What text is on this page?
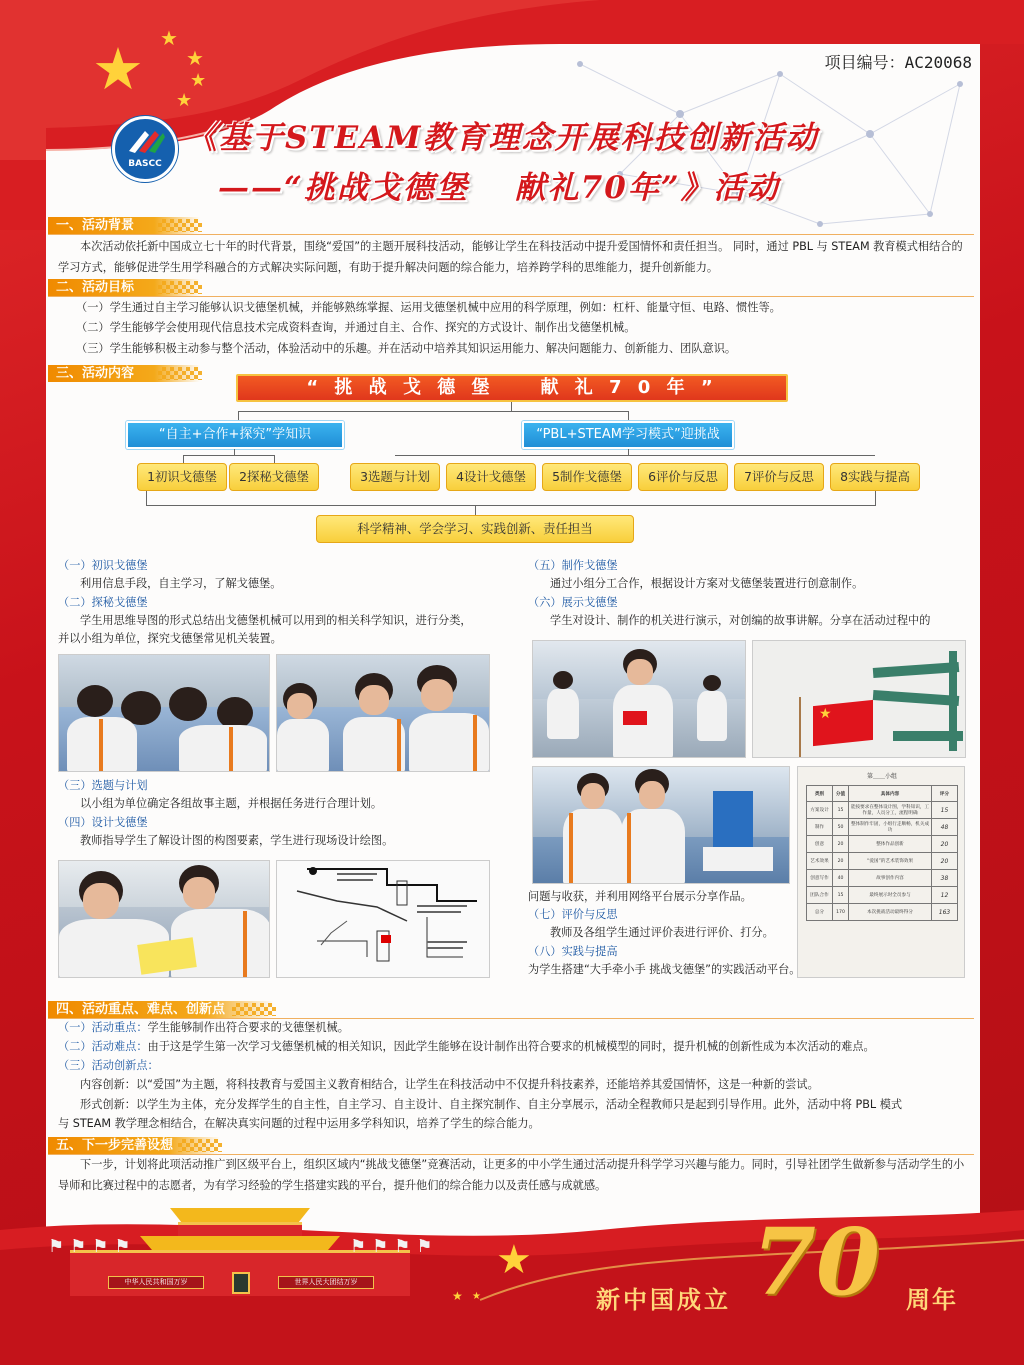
★ ★
★
★
★
项目编号：AC20068
BASCC
《基于STEAM教育理念开展科技创新活动
——“挑战戈德堡　 献礼70年”》活动
一、活动背景
本次活动依托新中国成立七十年的时代背景，围绕“爱国”的主题开展科技活动，能够让学生在科技活动中提升爱国情怀和责任担当。 同时，通过 PBL 与 STEAM 教育模式相结合的学习方式，能够促进学生用学科融合的方式解决实际问题，有助于提升解决问题的综合能力，培养跨学科的思维能力，提升创新能力。
二、活动目标
（一）学生通过自主学习能够认识戈德堡机械，并能够熟练掌握、运用戈德堡机械中应用的科学原理，例如：杠杆、能量守恒、电路、惯性等。
（二）学生能够学会使用现代信息技术完成资料查询，并通过自主、合作、探究的方式设计、制作出戈德堡机械。
（三）学生能够积极主动参与整个活动，体验活动中的乐趣。并在活动中培养其知识运用能力、解决问题能力、创新能力、团队意识。
三、活动内容
“ 挑 战 戈 德 堡　　献 礼 7 0 年 ”
“自主+合作+探究”学知识	“PBL+STEAM学习模式”迎挑战
1初识戈德堡	2探秘戈德堡	3选题与计划	4设计戈德堡	5制作戈德堡	6评价与反思	7评价与反思	8实践与提高
科学精神、学会学习、实践创新、责任担当
（一）初识戈德堡
利用信息手段，自主学习，了解戈德堡。
（二）探秘戈德堡
学生用思维导图的形式总结出戈德堡机械可以用到的相关科学知识，进行分类，
并以小组为单位，探究戈德堡常见机关装置。
（三）选题与计划
以小组为单位确定各组故事主题，并根据任务进行合理计划。
（四）设计戈德堡
教师指导学生了解设计图的构图要素，学生进行现场设计绘图。
（五）制作戈德堡
通过小组分工合作，根据设计方案对戈德堡装置进行创意制作。
（六）展示戈德堡
学生对设计、制作的机关进行演示，对创编的故事讲解。分享在活动过程中的
★
第＿＿小组
类别	分值	具体内容	评分
方案设计	15	能按要求在整体设计图，学科知识，工作量，人员分工，流程明确	15
制作	50	整体制作牢固，小组行走顺畅，机关成功	48
创意	20	整体作品创新	20
艺术效果	20	“爱国”的艺术装饰效果	20
创意写作	40	故事创作内容	38
团队合作	15	最终展示时全员参与	12
总分	170	本次挑战活动最终得分	163
问题与收获，并利用网络平台展示分享作品。
（七）评价与反思
教师及各组学生通过评价表进行评价、打分。
（八）实践与提高
为学生搭建“大手牵小手 挑战戈德堡”的实践活动平台。
四、活动重点、难点、创新点
（一）活动重点：学生能够制作出符合要求的戈德堡机械。
（二）活动难点：由于这是学生第一次学习戈德堡机械的相关知识，因此学生能够在设计制作出符合要求的机械模型的同时，提升机械的创新性成为本次活动的难点。
（三）活动创新点：
内容创新：以“爱国”为主题，将科技教育与爱国主义教育相结合，让学生在科技活动中不仅提升科技素养，还能培养其爱国情怀，这是一种新的尝试。
形式创新：以学生为主体，充分发挥学生的自主性，自主学习、自主设计、自主探究制作、自主分享展示，活动全程教师只是起到引导作用。此外，活动中将 PBL 模式
与 STEAM 教学理念相结合，在解决真实问题的过程中运用多学科知识，培养了学生的综合能力。
五、下一步完善设想
下一步，计划将此项活动推广到区级平台上，组织区域内“挑战戈德堡”竞赛活动，让更多的中小学生通过活动提升科学学习兴趣与能力。同时，引导社团学生做新参与活动学生的小导师和比赛过程中的志愿者，为有学习经验的学生搭建实践的平台，提升他们的综合能力以及责任感与成就感。
中华人民共和国万岁	世界人民大团结万岁
⚑⚑⚑⚑	⚑⚑⚑⚑ ★
★ ★	新中国成立 70 周年
